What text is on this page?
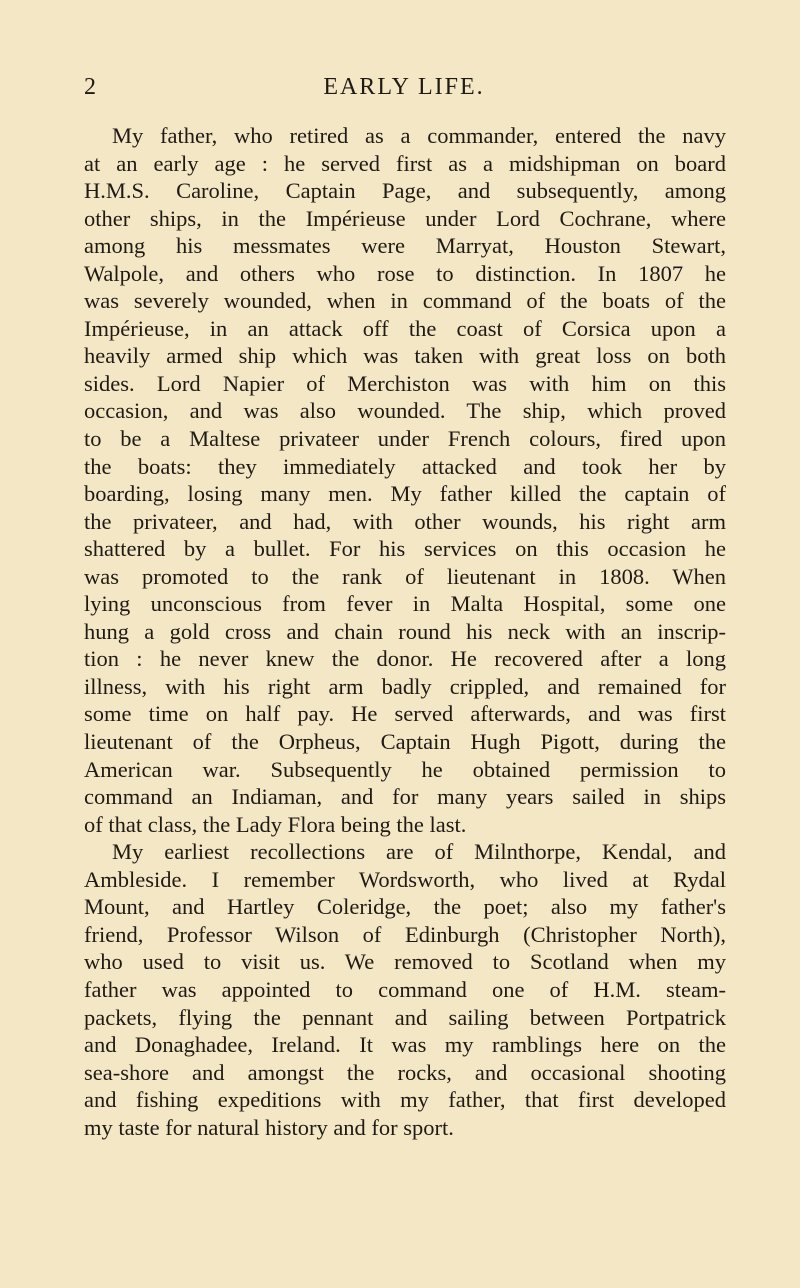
2	EARLY LIFE.
My father, who retired as a commander, entered the navy
at an early age : he served first as a midshipman on board
H.M.S. Caroline, Captain Page, and subsequently, among
other ships, in the Impérieuse under Lord Cochrane, where
among his messmates were Marryat, Houston Stewart,
Walpole, and others who rose to distinction. In 1807 he
was severely wounded, when in command of the boats of the
Impérieuse, in an attack off the coast of Corsica upon a
heavily armed ship which was taken with great loss on both
sides. Lord Napier of Merchiston was with him on this
occasion, and was also wounded. The ship, which proved
to be a Maltese privateer under French colours, fired upon
the boats: they immediately attacked and took her by
boarding, losing many men. My father killed the captain of
the privateer, and had, with other wounds, his right arm
shattered by a bullet. For his services on this occasion he
was promoted to the rank of lieutenant in 1808. When
lying unconscious from fever in Malta Hospital, some one
hung a gold cross and chain round his neck with an inscrip-
tion : he never knew the donor. He recovered after a long
illness, with his right arm badly crippled, and remained for
some time on half pay. He served afterwards, and was first
lieutenant of the Orpheus, Captain Hugh Pigott, during the
American war. Subsequently he obtained permission to
command an Indiaman, and for many years sailed in ships
of that class, the Lady Flora being the last.
My earliest recollections are of Milnthorpe, Kendal, and
Ambleside. I remember Wordsworth, who lived at Rydal
Mount, and Hartley Coleridge, the poet; also my father's
friend, Professor Wilson of Edinburgh (Christopher North),
who used to visit us. We removed to Scotland when my
father was appointed to command one of H.M. steam-
packets, flying the pennant and sailing between Portpatrick
and Donaghadee, Ireland. It was my ramblings here on the
sea-shore and amongst the rocks, and occasional shooting
and fishing expeditions with my father, that first developed
my taste for natural history and for sport.
